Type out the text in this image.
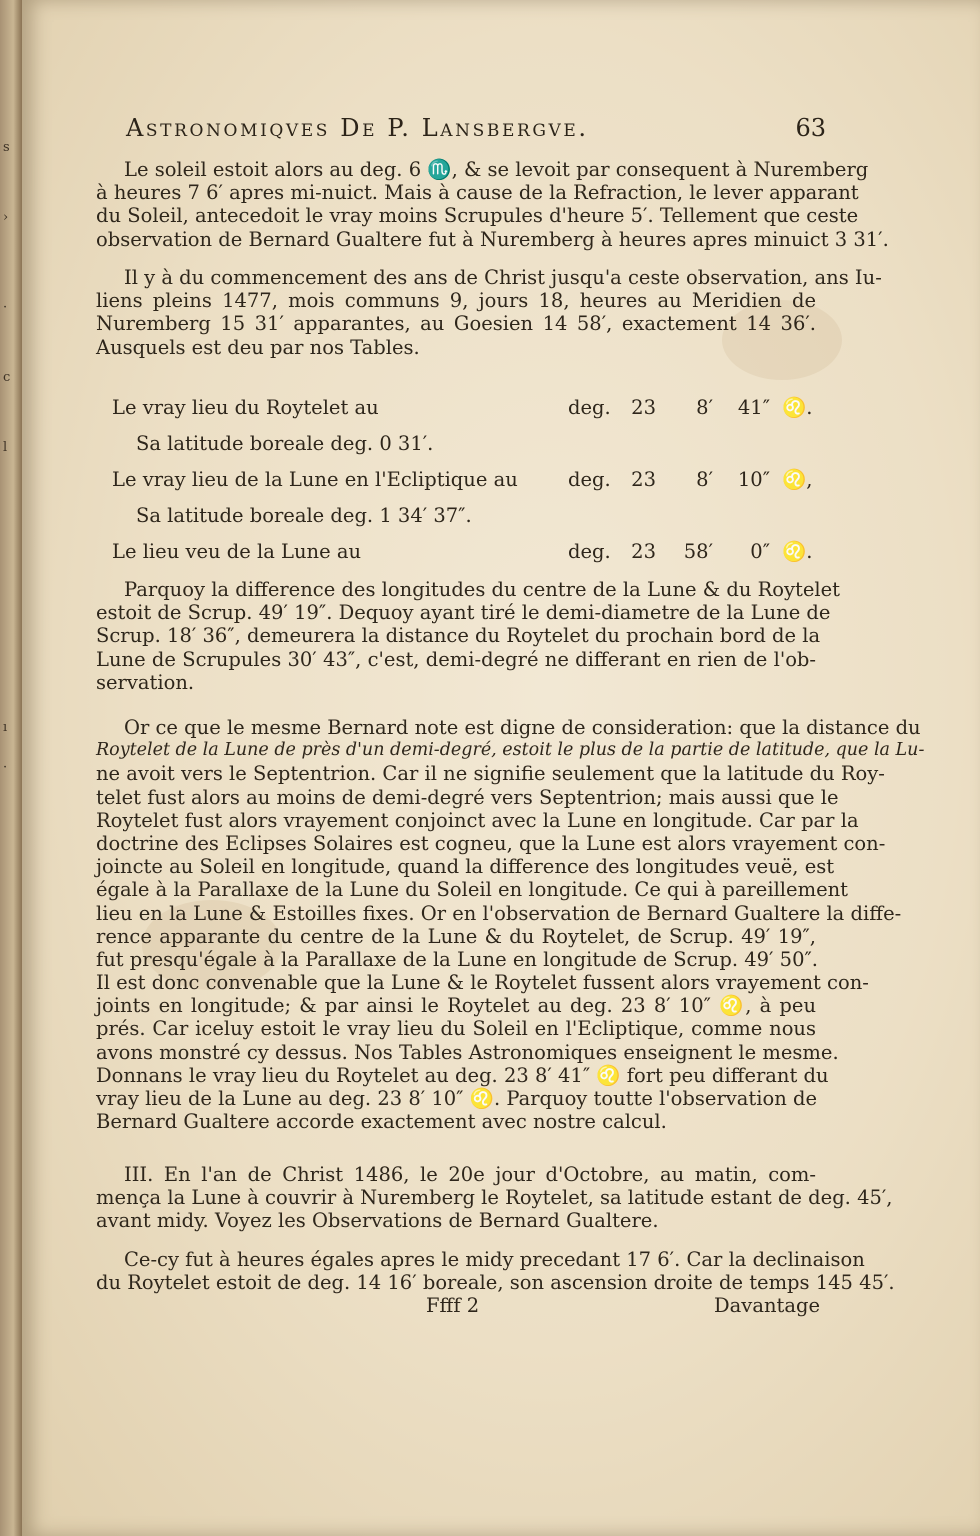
s
›
·
c
l
ı
·
Astronomiqves De P. Lansbergve.	63
Le soleil estoit alors au deg. 6 ♏, & se levoit par consequent à Nuremberg
à heures 7 6′ apres mi-nuict. Mais à cause de la Refraction, le lever apparant
du Soleil, antecedoit le vray moins Scrupules d'heure 5′. Tellement que ceste
observation de Bernard Gualtere fut à Nuremberg à heures apres minuict 3 31′.
Il y à du commencement des ans de Christ jusqu'a ceste observation, ans Iu-
liens pleins 1477, mois communs 9, jours 18, heures au Meridien de
Nuremberg 15 31′ apparantes, au Goesien 14 58′, exactement 14 36′.
Ausquels est deu par nos Tables.
Le vray lieu du Roytelet au	deg. 23	8′	41″ ♌.
Sa latitude boreale deg. 0 31′.
Le vray lieu de la Lune en l'Ecliptique au	deg. 23	8′	10″ ♌,
Sa latitude boreale deg. 1 34′ 37″.
Le lieu veu de la Lune au	deg. 23 58′	0″ ♌.
Parquoy la difference des longitudes du centre de la Lune & du Roytelet
estoit de Scrup. 49′ 19″. Dequoy ayant tiré le demi-diametre de la Lune de
Scrup. 18′ 36″, demeurera la distance du Roytelet du prochain bord de la
Lune de Scrupules 30′ 43″, c'est, demi-degré ne differant en rien de l'ob-
servation.
Or ce que le mesme Bernard note est digne de consideration: que la distance du
Roytelet de la Lune de près d'un demi-degré, estoit le plus de la partie de latitude, que la Lu-
ne avoit vers le Septentrion. Car il ne signifie seulement que la latitude du Roy-
telet fust alors au moins de demi-degré vers Septentrion; mais aussi que le
Roytelet fust alors vrayement conjoinct avec la Lune en longitude. Car par la
doctrine des Eclipses Solaires est cogneu, que la Lune est alors vrayement con-
joincte au Soleil en longitude, quand la difference des longitudes veuë, est
égale à la Parallaxe de la Lune du Soleil en longitude. Ce qui à pareillement
lieu en la Lune & Estoilles fixes. Or en l'observation de Bernard Gualtere la diffe-
rence apparante du centre de la Lune & du Roytelet, de Scrup. 49′ 19″,
fut presqu'égale à la Parallaxe de la Lune en longitude de Scrup. 49′ 50″.
Il est donc convenable que la Lune & le Roytelet fussent alors vrayement con-
joints en longitude; & par ainsi le Roytelet au deg. 23 8′ 10″ ♌, à peu
prés. Car iceluy estoit le vray lieu du Soleil en l'Ecliptique, comme nous
avons monstré cy dessus. Nos Tables Astronomiques enseignent le mesme.
Donnans le vray lieu du Roytelet au deg. 23 8′ 41″ ♌ fort peu differant du
vray lieu de la Lune au deg. 23 8′ 10″ ♌. Parquoy toutte l'observation de
Bernard Gualtere accorde exactement avec nostre calcul.
III. En l'an de Christ 1486, le 20e jour d'Octobre, au matin, com-
mença la Lune à couvrir à Nuremberg le Roytelet, sa latitude estant de deg. 45′,
avant midy. Voyez les Observations de Bernard Gualtere.
Ce-cy fut à heures égales apres le midy precedant 17 6′. Car la declinaison
du Roytelet estoit de deg. 14 16′ boreale, son ascension droite de temps 145 45′.
Ffff 2	Davantage
